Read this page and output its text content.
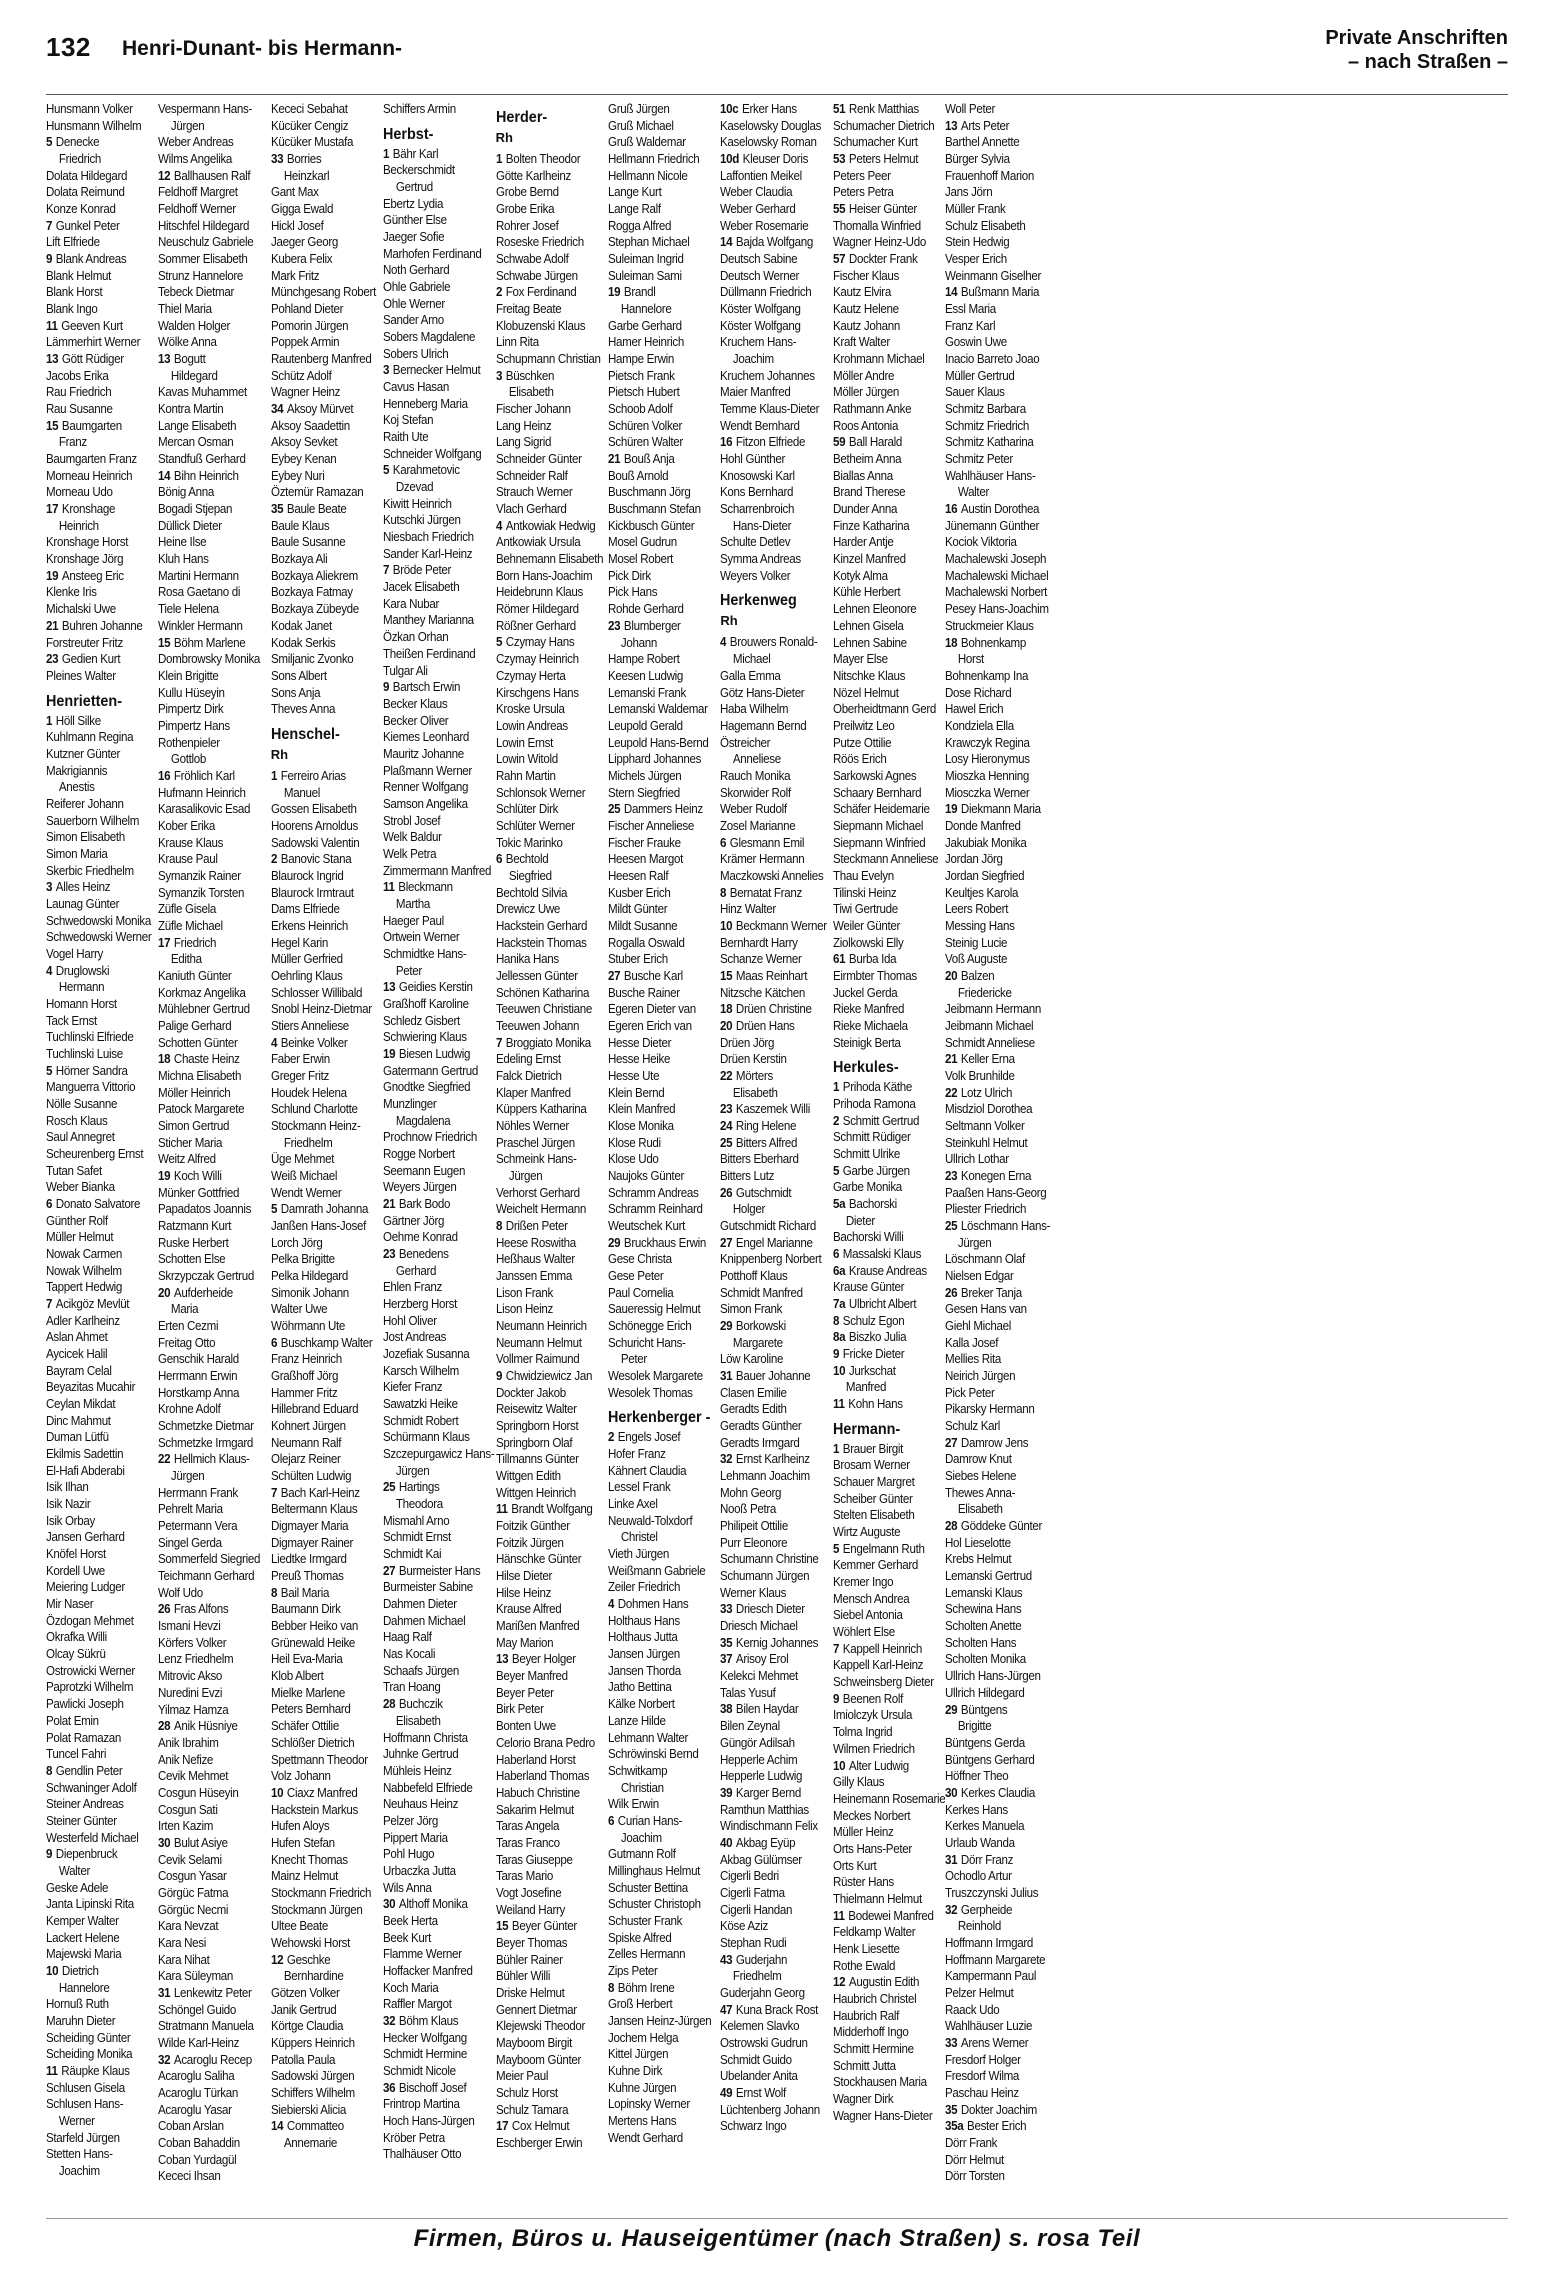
132 Henri-Dunant- bis Hermann-	Private Anschriften
– nach Straßen –
Hunsmann Volker
Hunsmann Wilhelm
5 Denecke
Friedrich
Dolata Hildegard
Dolata Reimund
Konze Konrad
7 Gunkel Peter
Lift Elfriede
9 Blank Andreas
Blank Helmut
Blank Horst
Blank Ingo
11 Geeven Kurt
Lämmerhirt Werner
13 Gött Rüdiger
Jacobs Erika
Rau Friedrich
Rau Susanne
15 Baumgarten
Franz
Baumgarten Franz
Morneau Heinrich
Morneau Udo
17 Kronshage
Heinrich
Kronshage Horst
Kronshage Jörg
19 Ansteeg Eric
Klenke Iris
Michalski Uwe
21 Buhren Johanne
Forstreuter Fritz
23 Gedien Kurt
Pleines Walter
Henrietten-
1 Höll Silke
Kuhlmann Regina
Kutzner Günter
Makrigiannis
Anestis
Reiferer Johann
Sauerborn Wilhelm
Simon Elisabeth
Simon Maria
Skerbic Friedhelm
3 Alles Heinz
Launag Günter
Schwedowski Monika
Schwedowski Werner
Vogel Harry
4 Druglowski
Hermann
Homann Horst
Tack Ernst
Tuchlinski Elfriede
Tuchlinski Luise
5 Hörner Sandra
Manguerra Vittorio
Nölle Susanne
Rosch Klaus
Saul Annegret
Scheurenberg Ernst
Tutan Safet
Weber Bianka
6 Donato Salvatore
Günther Rolf
Müller Helmut
Nowak Carmen
Nowak Wilhelm
Tappert Hedwig
7 Acikgöz Mevlüt
Adler Karlheinz
Aslan Ahmet
Aycicek Halil
Bayram Celal
Beyazitas Mucahir
Ceylan Mikdat
Dinc Mahmut
Duman Lütfü
Ekilmis Sadettin
El-Hafi Abderabi
Isik Ilhan
Isik Nazir
Isik Orbay
Jansen Gerhard
Knöfel Horst
Kordell Uwe
Meiering Ludger
Mir Naser
Özdogan Mehmet
Okrafka Willi
Olcay Sükrü
Ostrowicki Werner
Paprotzki Wilhelm
Pawlicki Joseph
Polat Emin
Polat Ramazan
Tuncel Fahri
8 Gendlin Peter
Schwaninger Adolf
Steiner Andreas
Steiner Günter
Westerfeld Michael
9 Diepenbruck
Walter
Geske Adele
Janta Lipinski Rita
Kemper Walter
Lackert Helene
Majewski Maria
10 Dietrich
Hannelore
Hornuß Ruth
Maruhn Dieter
Scheiding Günter
Scheiding Monika
11 Räupke Klaus
Schlusen Gisela
Schlusen Hans-
Werner
Starfeld Jürgen
Stetten Hans-
Joachim
Vespermann Hans-
Jürgen
Weber Andreas
Wilms Angelika
12 Ballhausen Ralf
Feldhoff Margret
Feldhoff Werner
Hitschfel Hildegard
Neuschulz Gabriele
Sommer Elisabeth
Strunz Hannelore
Tebeck Dietmar
Thiel Maria
Walden Holger
Wölke Anna
13 Bogutt
Hildegard
Kavas Muhammet
Kontra Martin
Lange Elisabeth
Mercan Osman
Standfuß Gerhard
14 Bihn Heinrich
Bönig Anna
Bogadi Stjepan
Düllick Dieter
Heine Ilse
Kluh Hans
Martini Hermann
Rosa Gaetano di
Tiele Helena
Winkler Hermann
15 Böhm Marlene
Dombrowsky Monika
Klein Brigitte
Kullu Hüseyin
Pimpertz Dirk
Pimpertz Hans
Rothenpieler
Gottlob
16 Fröhlich Karl
Hufmann Heinrich
Karasalikovic Esad
Kober Erika
Krause Klaus
Krause Paul
Symanzik Rainer
Symanzik Torsten
Züfle Gisela
Züfle Michael
17 Friedrich
Editha
Kaniuth Günter
Korkmaz Angelika
Mühlebner Gertrud
Palige Gerhard
Schotten Günter
18 Chaste Heinz
Michna Elisabeth
Möller Heinrich
Patock Margarete
Simon Gertrud
Sticher Maria
Weitz Alfred
19 Koch Willi
Münker Gottfried
Papadatos Joannis
Ratzmann Kurt
Ruske Herbert
Schotten Else
Skrzypczak Gertrud
20 Aufderheide
Maria
Erten Cezmi
Freitag Otto
Genschik Harald
Herrmann Erwin
Horstkamp Anna
Krohne Adolf
Schmetzke Dietmar
Schmetzke Irmgard
22 Hellmich Klaus-
Jürgen
Herrmann Frank
Pehrelt Maria
Petermann Vera
Singel Gerda
Sommerfeld Siegried
Teichmann Gerhard
Wolf Udo
26 Fras Alfons
Ismani Hevzi
Körfers Volker
Lenz Friedhelm
Mitrovic Akso
Nuredini Evzi
Yilmaz Hamza
28 Anik Hüsniye
Anik Ibrahim
Anik Nefize
Cevik Mehmet
Cosgun Hüseyin
Cosgun Sati
Irten Kazim
30 Bulut Asiye
Cevik Selami
Cosgun Yasar
Görgüc Fatma
Görgüc Necmi
Kara Nevzat
Kara Nesi
Kara Nihat
Kara Süleyman
31 Lenkewitz Peter
Schöngel Guido
Stratmann Manuela
Wilde Karl-Heinz
32 Acaroglu Recep
Acaroglu Saliha
Acaroglu Türkan
Acaroglu Yasar
Coban Arslan
Coban Bahaddin
Coban Yurdagül
Kececi Ihsan
Kececi Sebahat
Kücüker Cengiz
Kücüker Mustafa
33 Borries
Heinzkarl
Gant Max
Gigga Ewald
Hickl Josef
Jaeger Georg
Kubera Felix
Mark Fritz
Münchgesang Robert
Pohland Dieter
Pomorin Jürgen
Poppek Armin
Rautenberg Manfred
Schütz Adolf
Wagner Heinz
34 Aksoy Mürvet
Aksoy Saadettin
Aksoy Sevket
Eybey Kenan
Eybey Nuri
Öztemür Ramazan
35 Baule Beate
Baule Klaus
Baule Susanne
Bozkaya Ali
Bozkaya Aliekrem
Bozkaya Fatmay
Bozkaya Zübeyde
Kodak Janet
Kodak Serkis
Smiljanic Zvonko
Sons Albert
Sons Anja
Theves Anna
Henschel-
Rh
1 Ferreiro Arias
Manuel
Gossen Elisabeth
Hoorens Arnoldus
Sadowski Valentin
2 Banovic Stana
Blaurock Ingrid
Blaurock Irmtraut
Dams Elfriede
Erkens Heinrich
Hegel Karin
Müller Gerfried
Oehrling Klaus
Schlosser Willibald
Snobl Heinz-Dietmar
Stiers Anneliese
4 Beinke Volker
Faber Erwin
Greger Fritz
Houdek Helena
Schlund Charlotte
Stockmann Heinz-
Friedhelm
Üge Mehmet
Weiß Michael
Wendt Werner
5 Damrath Johanna
Janßen Hans-Josef
Lorch Jörg
Pelka Brigitte
Pelka Hildegard
Simonik Johann
Walter Uwe
Wöhrmann Ute
6 Buschkamp Walter
Franz Heinrich
Graßhoff Jörg
Hammer Fritz
Hillebrand Eduard
Kohnert Jürgen
Neumann Ralf
Olejarz Reiner
Schülten Ludwig
7 Bach Karl-Heinz
Beltermann Klaus
Digmayer Maria
Digmayer Rainer
Liedtke Irmgard
Preuß Thomas
8 Bail Maria
Baumann Dirk
Bebber Heiko van
Grünewald Heike
Heil Eva-Maria
Klob Albert
Mielke Marlene
Peters Bernhard
Schäfer Ottilie
Schlößer Dietrich
Spettmann Theodor
Volz Johann
10 Ciaxz Manfred
Hackstein Markus
Hufen Aloys
Hufen Stefan
Knecht Thomas
Mainz Helmut
Stockmann Friedrich
Stockmann Jürgen
Ultee Beate
Wehowski Horst
12 Geschke
Bernhardine
Götzen Volker
Janik Gertrud
Körtge Claudia
Küppers Heinrich
Patolla Paula
Sadowski Jürgen
Schiffers Wilhelm
Siebierski Alicia
14 Commatteo
Annemarie
Schiffers Armin
Herbst-
1 Bähr Karl
Beckerschmidt
Gertrud
Ebertz Lydia
Günther Else
Jaeger Sofie
Marhofen Ferdinand
Noth Gerhard
Ohle Gabriele
Ohle Werner
Sander Arno
Sobers Magdalene
Sobers Ulrich
3 Bernecker Helmut
Cavus Hasan
Henneberg Maria
Koj Stefan
Raith Ute
Schneider Wolfgang
5 Karahmetovic
Dzevad
Kiwitt Heinrich
Kutschki Jürgen
Niesbach Friedrich
Sander Karl-Heinz
7 Bröde Peter
Jacek Elisabeth
Kara Nubar
Manthey Marianna
Özkan Orhan
Theißen Ferdinand
Tulgar Ali
9 Bartsch Erwin
Becker Klaus
Becker Oliver
Kiemes Leonhard
Mauritz Johanne
Plaßmann Werner
Renner Wolfgang
Samson Angelika
Strobl Josef
Welk Baldur
Welk Petra
Zimmermann Manfred
11 Bleckmann
Martha
Haeger Paul
Ortwein Werner
Schmidtke Hans-
Peter
13 Geidies Kerstin
Graßhoff Karoline
Schledz Gisbert
Schwiering Klaus
19 Biesen Ludwig
Gatermann Gertrud
Gnodtke Siegfried
Munzlinger
Magdalena
Prochnow Friedrich
Rogge Norbert
Seemann Eugen
Weyers Jürgen
21 Bark Bodo
Gärtner Jörg
Oehme Konrad
23 Benedens
Gerhard
Ehlen Franz
Herzberg Horst
Hohl Oliver
Jost Andreas
Jozefiak Susanna
Karsch Wilhelm
Kiefer Franz
Sawatzki Heike
Schmidt Robert
Schürmann Klaus
Szczepurgawicz Hans-
Jürgen
25 Hartings
Theodora
Mismahl Arno
Schmidt Ernst
Schmidt Kai
27 Burmeister Hans
Burmeister Sabine
Dahmen Dieter
Dahmen Michael
Haag Ralf
Nas Kocali
Schaafs Jürgen
Tran Hoang
28 Buchczik
Elisabeth
Hoffmann Christa
Juhnke Gertrud
Mühleis Heinz
Nabbefeld Elfriede
Neuhaus Heinz
Pelzer Jörg
Pippert Maria
Pohl Hugo
Urbaczka Jutta
Wils Anna
30 Althoff Monika
Beek Herta
Beek Kurt
Flamme Werner
Hoffacker Manfred
Koch Maria
Raffler Margot
32 Böhm Klaus
Hecker Wolfgang
Schmidt Hermine
Schmidt Nicole
36 Bischoff Josef
Frintrop Martina
Hoch Hans-Jürgen
Kröber Petra
Thalhäuser Otto
Herder-
Rh
1 Bolten Theodor
Götte Karlheinz
Grobe Bernd
Grobe Erika
Rohrer Josef
Roseske Friedrich
Schwabe Adolf
Schwabe Jürgen
2 Fox Ferdinand
Freitag Beate
Klobuzenski Klaus
Linn Rita
Schupmann Christian
3 Büschken
Elisabeth
Fischer Johann
Lang Heinz
Lang Sigrid
Schneider Günter
Schneider Ralf
Strauch Werner
Vlach Gerhard
4 Antkowiak Hedwig
Antkowiak Ursula
Behnemann Elisabeth
Born Hans-Joachim
Heidebrunn Klaus
Römer Hildegard
Rößner Gerhard
5 Czymay Hans
Czymay Heinrich
Czymay Herta
Kirschgens Hans
Kroske Ursula
Lowin Andreas
Lowin Ernst
Lowin Witold
Rahn Martin
Schlonsok Werner
Schlüter Dirk
Schlüter Werner
Tokic Marinko
6 Bechtold
Siegfried
Bechtold Silvia
Drewicz Uwe
Hackstein Gerhard
Hackstein Thomas
Hanika Hans
Jellessen Günter
Schönen Katharina
Teeuwen Christiane
Teeuwen Johann
7 Broggiato Monika
Edeling Ernst
Falck Dietrich
Klaper Manfred
Küppers Katharina
Nöhles Werner
Praschel Jürgen
Schmeink Hans-
Jürgen
Verhorst Gerhard
Weichelt Hermann
8 Drißen Peter
Heese Roswitha
Heßhaus Walter
Janssen Emma
Lison Frank
Lison Heinz
Neumann Heinrich
Neumann Helmut
Vollmer Raimund
9 Chwidziewicz Jan
Dockter Jakob
Reisewitz Walter
Springborn Horst
Springborn Olaf
Tillmanns Günter
Wittgen Edith
Wittgen Heinrich
11 Brandt Wolfgang
Foitzik Günther
Foitzik Jürgen
Hänschke Günter
Hilse Dieter
Hilse Heinz
Krause Alfred
Marißen Manfred
May Marion
13 Beyer Holger
Beyer Manfred
Beyer Peter
Birk Peter
Bonten Uwe
Celorio Brana Pedro
Haberland Horst
Haberland Thomas
Habuch Christine
Sakarim Helmut
Taras Angela
Taras Franco
Taras Giuseppe
Taras Mario
Vogt Josefine
Weiland Harry
15 Beyer Günter
Beyer Thomas
Bühler Rainer
Bühler Willi
Driske Helmut
Gennert Dietmar
Klejewski Theodor
Mayboom Birgit
Mayboom Günter
Meier Paul
Schulz Horst
Schulz Tamara
17 Cox Helmut
Eschberger Erwin
Gruß Jürgen
Gruß Michael
Gruß Waldemar
Hellmann Friedrich
Hellmann Nicole
Lange Kurt
Lange Ralf
Rogga Alfred
Stephan Michael
Suleiman Ingrid
Suleiman Sami
19 Brandl
Hannelore
Garbe Gerhard
Hamer Heinrich
Hampe Erwin
Pietsch Frank
Pietsch Hubert
Schoob Adolf
Schüren Volker
Schüren Walter
21 Bouß Anja
Bouß Arnold
Buschmann Jörg
Buschmann Stefan
Kickbusch Günter
Mosel Gudrun
Mosel Robert
Pick Dirk
Pick Hans
Rohde Gerhard
23 Blumberger
Johann
Hampe Robert
Keesen Ludwig
Lemanski Frank
Lemanski Waldemar
Leupold Gerald
Leupold Hans-Bernd
Lipphard Johannes
Michels Jürgen
Stern Siegfried
25 Dammers Heinz
Fischer Anneliese
Fischer Frauke
Heesen Margot
Heesen Ralf
Kusber Erich
Mildt Günter
Mildt Susanne
Rogalla Oswald
Stuber Erich
27 Busche Karl
Busche Rainer
Egeren Dieter van
Egeren Erich van
Hesse Dieter
Hesse Heike
Hesse Ute
Klein Bernd
Klein Manfred
Klose Monika
Klose Rudi
Klose Udo
Naujoks Günter
Schramm Andreas
Schramm Reinhard
Weutschek Kurt
29 Bruckhaus Erwin
Gese Christa
Gese Peter
Paul Cornelia
Saueressig Helmut
Schönegge Erich
Schuricht Hans-
Peter
Wesolek Margarete
Wesolek Thomas
Herkenberger -
2 Engels Josef
Hofer Franz
Kähnert Claudia
Lessel Frank
Linke Axel
Neuwald-Tolxdorf
Christel
Vieth Jürgen
Weißmann Gabriele
Zeiler Friedrich
4 Dohmen Hans
Holthaus Hans
Holthaus Jutta
Jansen Jürgen
Jansen Thorda
Jatho Bettina
Kälke Norbert
Lanze Hilde
Lehmann Walter
Schröwinski Bernd
Schwitkamp
Christian
Wilk Erwin
6 Curian Hans-
Joachim
Gutmann Rolf
Millinghaus Helmut
Schuster Bettina
Schuster Christoph
Schuster Frank
Spiske Alfred
Zelles Hermann
Zips Peter
8 Böhm Irene
Groß Herbert
Jansen Heinz-Jürgen
Jochem Helga
Kittel Jürgen
Kuhne Dirk
Kuhne Jürgen
Lopinsky Werner
Mertens Hans
Wendt Gerhard
10c Erker Hans
Kaselowsky Douglas
Kaselowsky Roman
10d Kleuser Doris
Laffontien Meikel
Weber Claudia
Weber Gerhard
Weber Rosemarie
14 Bajda Wolfgang
Deutsch Sabine
Deutsch Werner
Düllmann Friedrich
Köster Wolfgang
Köster Wolfgang
Kruchem Hans-
Joachim
Kruchem Johannes
Maier Manfred
Temme Klaus-Dieter
Wendt Bernhard
16 Fitzon Elfriede
Hohl Günther
Knosowski Karl
Kons Bernhard
Scharrenbroich
Hans-Dieter
Schulte Detlev
Symma Andreas
Weyers Volker
Herkenweg
Rh
4 Brouwers Ronald-
Michael
Galla Emma
Götz Hans-Dieter
Haba Wilhelm
Hagemann Bernd
Östreicher
Anneliese
Rauch Monika
Skorwider Rolf
Weber Rudolf
Zosel Marianne
6 Glesmann Emil
Krämer Hermann
Maczkowski Annelies
8 Bernatat Franz
Hinz Walter
10 Beckmann Werner
Bernhardt Harry
Schanze Werner
15 Maas Reinhart
Nitzsche Kätchen
18 Drüen Christine
20 Drüen Hans
Drüen Jörg
Drüen Kerstin
22 Mörters
Elisabeth
23 Kaszemek Willi
24 Ring Helene
25 Bitters Alfred
Bitters Eberhard
Bitters Lutz
26 Gutschmidt
Holger
Gutschmidt Richard
27 Engel Marianne
Knippenberg Norbert
Potthoff Klaus
Schmidt Manfred
Simon Frank
29 Borkowski
Margarete
Löw Karoline
31 Bauer Johanne
Clasen Emilie
Geradts Edith
Geradts Günther
Geradts Irmgard
32 Ernst Karlheinz
Lehmann Joachim
Mohn Georg
Nooß Petra
Philipeit Ottilie
Purr Eleonore
Schumann Christine
Schumann Jürgen
Werner Klaus
33 Driesch Dieter
Driesch Michael
35 Kernig Johannes
37 Arisoy Erol
Kelekci Mehmet
Talas Yusuf
38 Bilen Haydar
Bilen Zeynal
Güngör Adilsah
Hepperle Achim
Hepperle Ludwig
39 Karger Bernd
Ramthun Matthias
Windischmann Felix
40 Akbag Eyüp
Akbag Gülümser
Cigerli Bedri
Cigerli Fatma
Cigerli Handan
Köse Aziz
Stephan Rudi
43 Guderjahn
Friedhelm
Guderjahn Georg
47 Kuna Brack Rost
Kelemen Slavko
Ostrowski Gudrun
Schmidt Guido
Ubelander Anita
49 Ernst Wolf
Lüchtenberg Johann
Schwarz Ingo
51 Renk Matthias
Schumacher Dietrich
Schumacher Kurt
53 Peters Helmut
Peters Peer
Peters Petra
55 Heiser Günter
Thomalla Winfried
Wagner Heinz-Udo
57 Dockter Frank
Fischer Klaus
Kautz Elvira
Kautz Helene
Kautz Johann
Kraft Walter
Krohmann Michael
Möller Andre
Möller Jürgen
Rathmann Anke
Roos Antonia
59 Ball Harald
Betheim Anna
Biallas Anna
Brand Therese
Dunder Anna
Finze Katharina
Harder Antje
Kinzel Manfred
Kotyk Alma
Kühle Herbert
Lehnen Eleonore
Lehnen Gisela
Lehnen Sabine
Mayer Else
Nitschke Klaus
Nözel Helmut
Oberheidtmann Gerd
Preilwitz Leo
Putze Ottilie
Röös Erich
Sarkowski Agnes
Schaary Bernhard
Schäfer Heidemarie
Siepmann Michael
Siepmann Winfried
Steckmann Anneliese
Thau Evelyn
Tilinski Heinz
Tiwi Gertrude
Weiler Günter
Ziolkowski Elly
61 Burba Ida
Eirmbter Thomas
Juckel Gerda
Rieke Manfred
Rieke Michaela
Steinigk Berta
Herkules-
1 Prihoda Käthe
Prihoda Ramona
2 Schmitt Gertrud
Schmitt Rüdiger
Schmitt Ulrike
5 Garbe Jürgen
Garbe Monika
5a Bachorski
Dieter
Bachorski Willi
6 Massalski Klaus
6a Krause Andreas
Krause Günter
7a Ulbricht Albert
8 Schulz Egon
8a Biszko Julia
9 Fricke Dieter
10 Jurkschat
Manfred
11 Kohn Hans
Hermann-
1 Brauer Birgit
Brosam Werner
Schauer Margret
Scheiber Günter
Stelten Elisabeth
Wirtz Auguste
5 Engelmann Ruth
Kemmer Gerhard
Kremer Ingo
Mensch Andrea
Siebel Antonia
Wöhlert Else
7 Kappell Heinrich
Kappell Karl-Heinz
Schweinsberg Dieter
9 Beenen Rolf
Imiolczyk Ursula
Tolma Ingrid
Wilmen Friedrich
10 Alter Ludwig
Gilly Klaus
Heinemann Rosemarie
Meckes Norbert
Müller Heinz
Orts Hans-Peter
Orts Kurt
Rüster Hans
Thielmann Helmut
11 Bodewei Manfred
Feldkamp Walter
Henk Liesette
Rothe Ewald
12 Augustin Edith
Haubrich Christel
Haubrich Ralf
Midderhoff Ingo
Schmitt Hermine
Schmitt Jutta
Stockhausen Maria
Wagner Dirk
Wagner Hans-Dieter
Woll Peter
13 Arts Peter
Barthel Annette
Bürger Sylvia
Frauenhoff Marion
Jans Jörn
Müller Frank
Schulz Elisabeth
Stein Hedwig
Vesper Erich
Weinmann Giselher
14 Bußmann Maria
Essl Maria
Franz Karl
Goswin Uwe
Inacio Barreto Joao
Müller Gertrud
Sauer Klaus
Schmitz Barbara
Schmitz Friedrich
Schmitz Katharina
Schmitz Peter
Wahlhäuser Hans-
Walter
16 Austin Dorothea
Jünemann Günther
Kociok Viktoria
Machalewski Joseph
Machalewski Michael
Machalewski Norbert
Pesey Hans-Joachim
Struckmeier Klaus
18 Bohnenkamp
Horst
Bohnenkamp Ina
Dose Richard
Hawel Erich
Kondziela Ella
Krawczyk Regina
Losy Hieronymus
Mioszka Henning
Miosczka Werner
19 Diekmann Maria
Donde Manfred
Jakubiak Monika
Jordan Jörg
Jordan Siegfried
Keultjes Karola
Leers Robert
Messing Hans
Steinig Lucie
Voß Auguste
20 Balzen
Friedericke
Jeibmann Hermann
Jeibmann Michael
Schmidt Anneliese
21 Keller Erna
Volk Brunhilde
22 Lotz Ulrich
Misdziol Dorothea
Seltmann Volker
Steinkuhl Helmut
Ullrich Lothar
23 Konegen Erna
Paaßen Hans-Georg
Pliester Friedrich
25 Löschmann Hans-
Jürgen
Löschmann Olaf
Nielsen Edgar
26 Breker Tanja
Gesen Hans van
Giehl Michael
Kalla Josef
Mellies Rita
Neirich Jürgen
Pick Peter
Pikarsky Hermann
Schulz Karl
27 Damrow Jens
Damrow Knut
Siebes Helene
Thewes Anna-
Elisabeth
28 Göddeke Günter
Hol Lieselotte
Krebs Helmut
Lemanski Gertrud
Lemanski Klaus
Schewina Hans
Scholten Anette
Scholten Hans
Scholten Monika
Ullrich Hans-Jürgen
Ullrich Hildegard
29 Büntgens
Brigitte
Büntgens Gerda
Büntgens Gerhard
Höffner Theo
30 Kerkes Claudia
Kerkes Hans
Kerkes Manuela
Urlaub Wanda
31 Dörr Franz
Ochodlo Artur
Truszczynski Julius
32 Gerpheide
Reinhold
Hoffmann Irmgard
Hoffmann Margarete
Kampermann Paul
Pelzer Helmut
Raack Udo
Wahlhäuser Luzie
33 Arens Werner
Fresdorf Holger
Fresdorf Wilma
Paschau Heinz
35 Dokter Joachim
35a Bester Erich
Dörr Frank
Dörr Helmut
Dörr Torsten
Firmen, Büros u. Hauseigentümer (nach Straßen) s. rosa Teil
